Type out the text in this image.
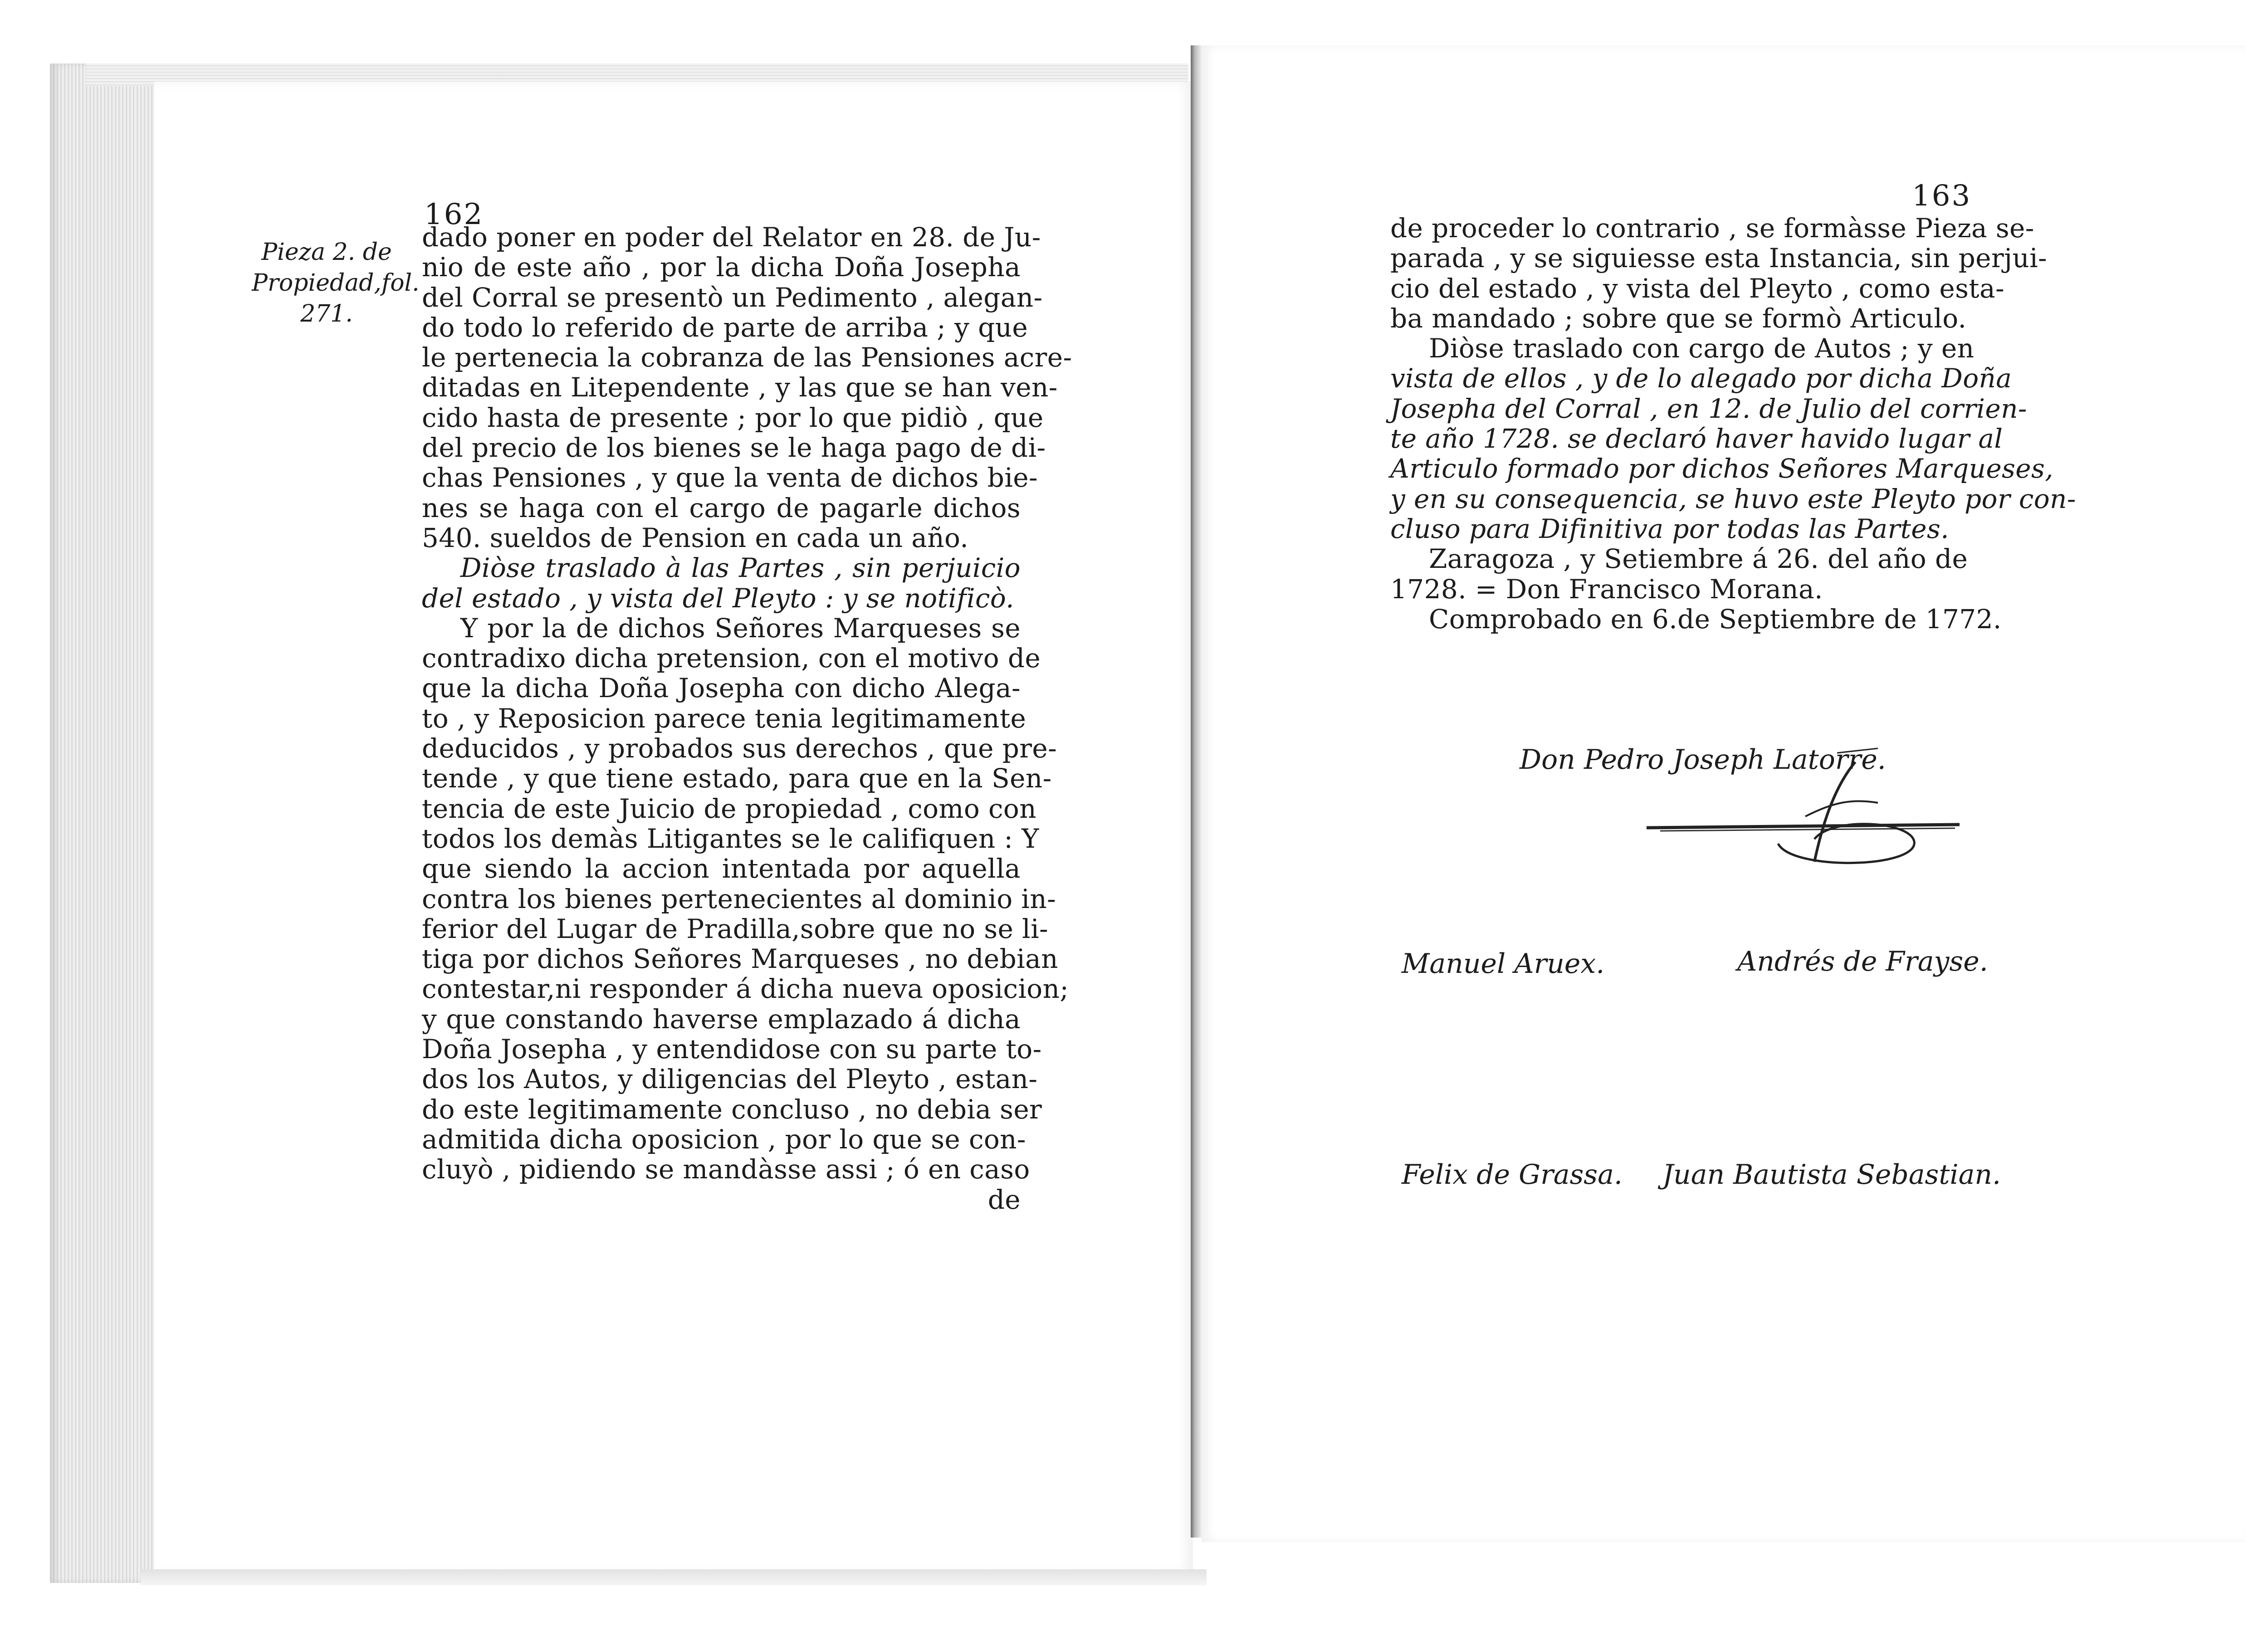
162
Pieza 2. de
Propiedad,fol.
271.
dado poner en poder del Relator en 28. de Ju-
nio de este año , por la dicha Doña Josepha
del Corral se presentò un Pedimento , alegan-
do todo lo referido de parte de arriba ; y que
le pertenecia la cobranza de las Pensiones acre-
ditadas en Litependente , y las que se han ven-
cido hasta de presente ; por lo que pidiò , que
del precio de los bienes se le haga pago de di-
chas Pensiones , y que la venta de dichos bie-
nes se haga con el cargo de pagarle dichos
540. sueldos de Pension en cada un año.
Diòse traslado à las Partes , sin perjuicio
del estado , y vista del Pleyto : y se notificò.
Y por la de dichos Señores Marqueses se
contradixo dicha pretension, con el motivo de
que la dicha Doña Josepha con dicho Alega-
to , y Reposicion parece tenia legitimamente
deducidos , y probados sus derechos , que pre-
tende , y que tiene estado, para que en la Sen-
tencia de este Juicio de propiedad , como con
todos los demàs Litigantes se le califiquen : Y
que siendo la accion intentada por aquella
contra los bienes pertenecientes al dominio in-
ferior del Lugar de Pradilla,sobre que no se li-
tiga por dichos Señores Marqueses , no debian
contestar,ni responder á dicha nueva oposicion;
y que constando haverse emplazado á dicha
Doña Josepha , y entendidose con su parte to-
dos los Autos, y diligencias del Pleyto , estan-
do este legitimamente concluso , no debia ser
admitida dicha oposicion , por lo que se con-
cluyò , pidiendo se mandàsse assi ; ó en caso
de
163
de proceder lo contrario , se formàsse Pieza se-
parada , y se siguiesse esta Instancia, sin perjui-
cio del estado , y vista del Pleyto , como esta-
ba mandado ; sobre que se formò Articulo.
Diòse traslado con cargo de Autos ; y en
vista de ellos , y de lo alegado por dicha Doña
Josepha del Corral , en 12. de Julio del corrien-
te año 1728. se declaró haver havido lugar al
Articulo formado por dichos Señores Marqueses,
y en su consequencia, se huvo este Pleyto por con-
cluso para Difinitiva por todas las Partes.
Zaragoza , y Setiembre á 26. del año de
1728. = Don Francisco Morana.
Comprobado en 6.de Septiembre de 1772.
Don Pedro Joseph Latorre.
Manuel Aruex.	Andrés de Frayse.
Felix de Grassa. Juan Bautista Sebastian.
